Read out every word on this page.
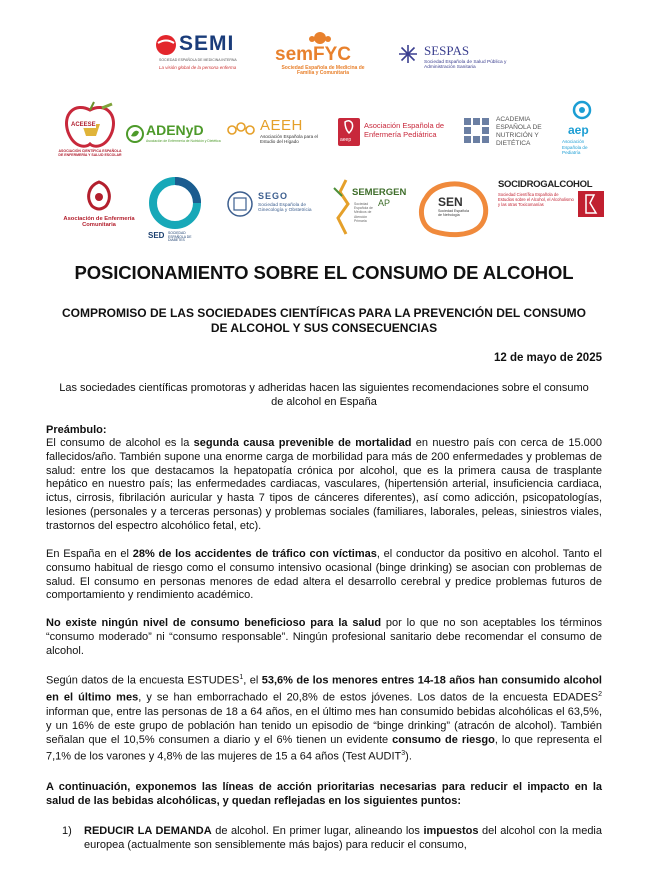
SEMI
SOCIEDAD ESPAÑOLA DE MEDICINA INTERNA
La visión global de la persona enferma
semFYC
Sociedad Española de Medicina de Familia y Comunitaria
SESPAS
Sociedad Española de Salud Pública y Administración Sanitaria
ACEESE
ASOCIACIÓN CIENTÍFICA ESPAÑOLA DE ENFERMERÍA Y SALUD ESCOLAR
ADENyD
Asociación de Enfermería de Nutrición y Dietética
AEEH
Asociación Española para el Estudio del Hígado	aeep
Asociación Española de Enfermería Pediátrica
ACADEMIA ESPAÑOLA DE NUTRICIÓN Y DIETÉTICA
aep
Asociación Española de Pediatría
Asociación de Enfermería Comunitaria
SED SOCIEDAD ESPAÑOLA DE DIABETES
SEGO
Sociedad Española de Ginecología y Obstetricia
SEMERGEN
AP
Sociedad Española de Médicos de Atención Primaria
SEN
Sociedad Española de Nefrología
SOCIDROGALCOHOL
Sociedad Científica Española de Estudios sobre el Alcohol, el Alcoholismo y las otras Toxicomanías
POSICIONAMIENTO SOBRE EL CONSUMO DE ALCOHOL
COMPROMISO DE LAS SOCIEDADES CIENTÍFICAS PARA LA PREVENCIÓN DEL CONSUMO DE ALCOHOL Y SUS CONSECUENCIAS
12 de mayo de 2025
Las sociedades científicas promotoras y adheridas hacen las siguientes recomendaciones sobre el consumo de alcohol en España

Preámbulo:

El consumo de alcohol es la segunda causa prevenible de mortalidad en nuestro país con cerca de 15.000 fallecidos/año. También supone una enorme carga de morbilidad para más de 200 enfermedades y problemas de salud: entre los que destacamos la hepatopatía crónica por alcohol, que es la primera causa de trasplante hepático en nuestro país; las enfermedades cardiacas, vasculares, (hipertensión arterial, insuficiencia cardiaca, ictus, cirrosis, fibrilación auricular y hasta 7 tipos de cánceres diferentes), así como adicción, psicopatologías, lesiones (personales y a terceras personas) y problemas sociales (familiares, laborales, peleas, siniestros viales, trastornos del espectro alcohólico fetal, etc).

En España en el 28% de los accidentes de tráfico con víctimas, el conductor da positivo en alcohol. Tanto el consumo habitual de riesgo como el consumo intensivo ocasional (binge drinking) se asocian con problemas de salud. El consumo en personas menores de edad altera el desarrollo cerebral y predice problemas futuros de comportamiento y rendimiento académico.

No existe ningún nivel de consumo beneficioso para la salud por lo que no son aceptables los términos “consumo moderado” ni “consumo responsable”. Ningún profesional sanitario debe recomendar el consumo de alcohol.

Según datos de la encuesta ESTUDES$^1$, el 53,6% de los menores entres 14-18 años han consumido alcohol en el último mes, y se han emborrachado el 20,8% de estos jóvenes. Los datos de la encuesta EDADES$^2$ informan que, entre las personas de 18 a 64 años, en el último mes han consumido bebidas alcohólicas el 63,5%, y un 16% de este grupo de población han tenido un episodio de “binge drinking” (atracón de alcohol). También señalan que el 10,5% consumen a diario y el 6% tienen un evidente consumo de riesgo, lo que representa el 7,1% de los varones y 4,8% de las mujeres de 15 a 64 años (Test AUDIT$^3$).

A continuación, exponemos las líneas de acción prioritarias necesarias para reducir el impacto en la salud de las bebidas alcohólicas, y quedan reflejadas en los siguientes puntos:

1) REDUCIR LA DEMANDA de alcohol. En primer lugar, alineando los impuestos del alcohol con la media europea (actualmente son sensiblemente más bajos) para reducir el consumo,
